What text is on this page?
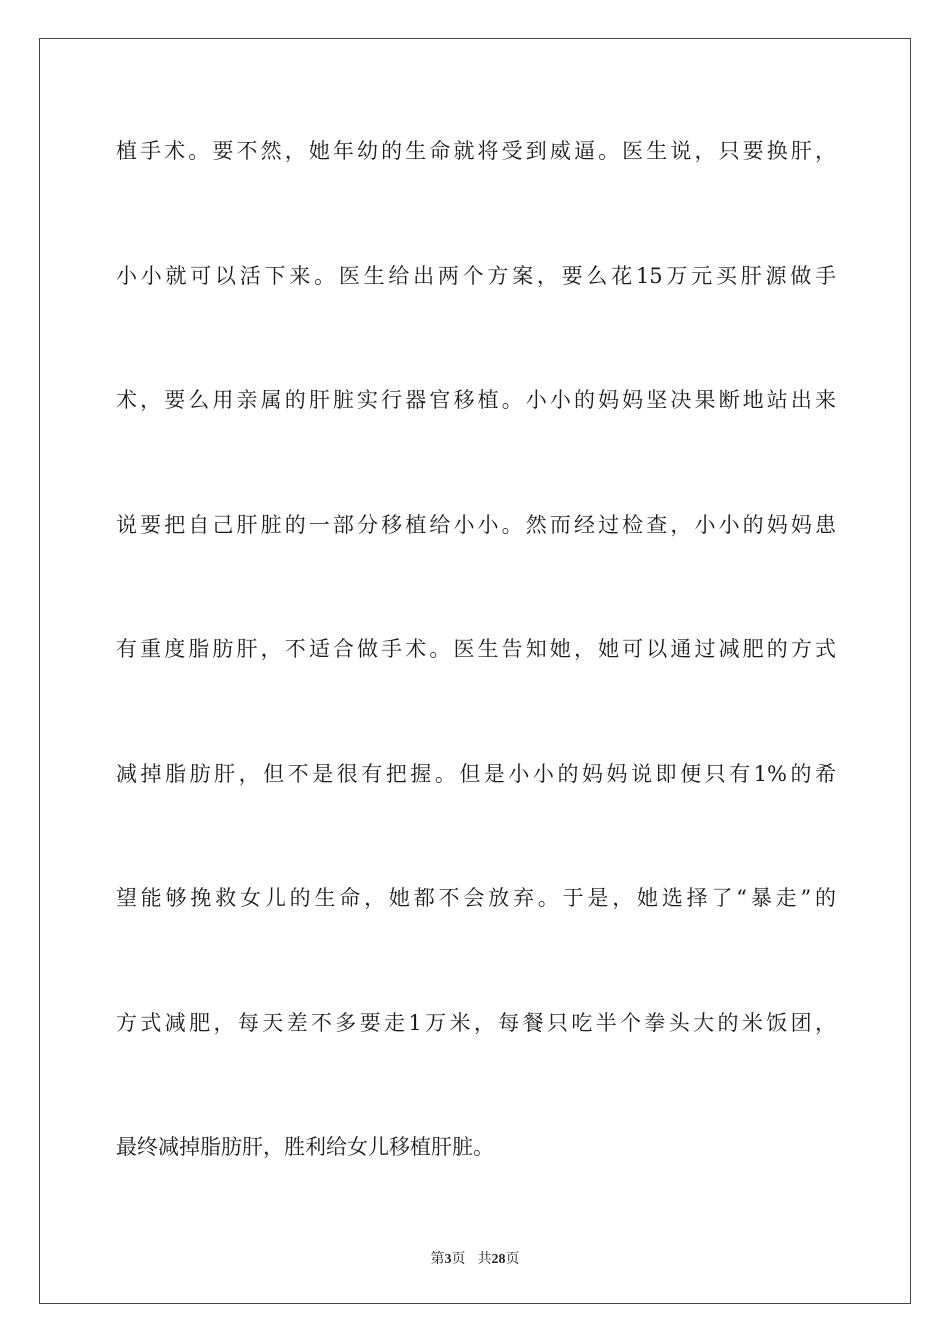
植手术。要不然，她年幼的生命就将受到威逼。医生说，只要换肝，

小小就可以活下来。医生给出两个方案，要么花15万元买肝源做手

术，要么用亲属的肝脏实行器官移植。小小的妈妈坚决果断地站出来

说要把自己肝脏的一部分移植给小小。然而经过检查，小小的妈妈患

有重度脂肪肝，不适合做手术。医生告知她，她可以通过减肥的方式

减掉脂肪肝，但不是很有把握。但是小小的妈妈说即便只有1%的希

望能够挽救女儿的生命，她都不会放弃。于是，她选择了“暴走”的

方式减肥，每天差不多要走1万米，每餐只吃半个拳头大的米饭团，

最终减掉脂肪肝，胜利给女儿移植肝脏。

第3页 共28页
